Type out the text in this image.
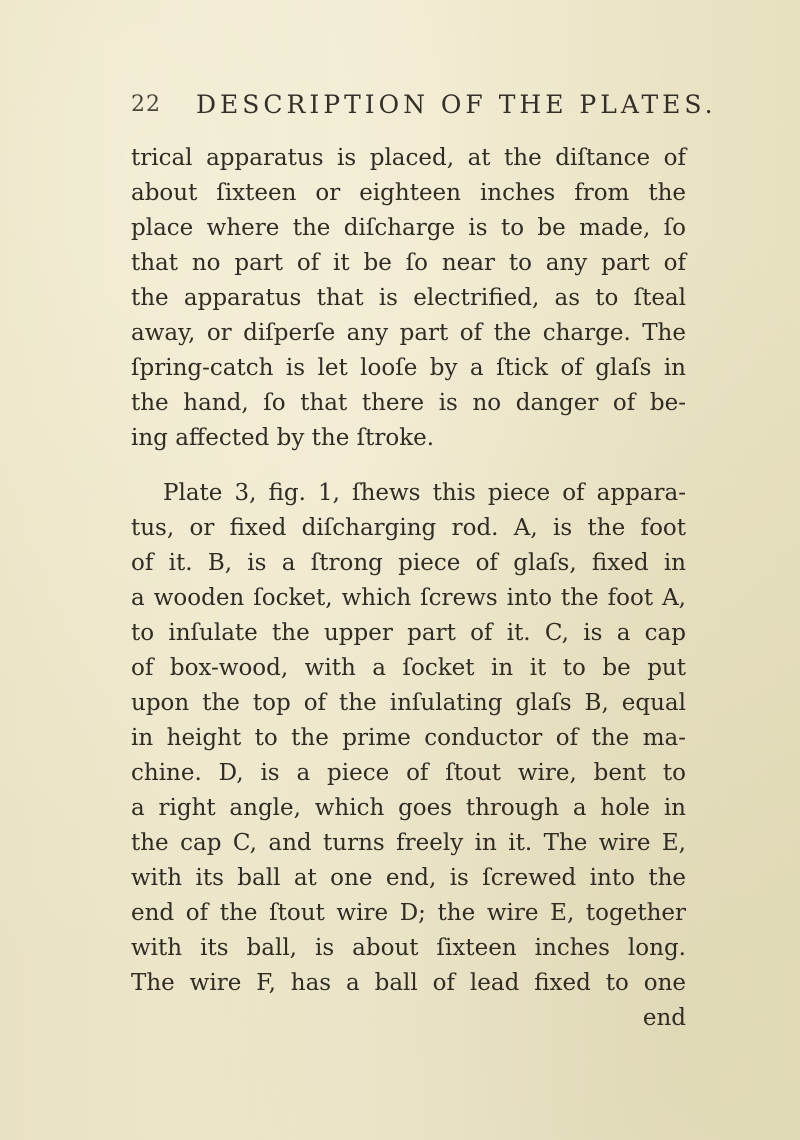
22 DESCRIPTION OF THE PLATES.
trical apparatus is placed, at the diſtance of
about ſixteen or eighteen inches from the
place where the diſcharge is to be made, ſo
that no part of it be ſo near to any part of
the apparatus that is electrified, as to ſteal
away, or diſperſe any part of the charge. The
ſpring-catch is let looſe by a ſtick of glaſs in
the hand, ſo that there is no danger of be-
ing affected by the ſtroke.
Plate 3, fig. 1, ſhews this piece of appara-
tus, or fixed diſcharging rod. A, is the foot
of it. B, is a ſtrong piece of glaſs, fixed in
a wooden ſocket, which ſcrews into the foot A,
to inſulate the upper part of it. C, is a cap
of box-wood, with a ſocket in it to be put
upon the top of the inſulating glaſs B, equal
in height to the prime conductor of the ma-
chine. D, is a piece of ſtout wire, bent to
a right angle, which goes through a hole in
the cap C, and turns freely in it. The wire E,
with its ball at one end, is ſcrewed into the
end of the ſtout wire D; the wire E, together
with its ball, is about ſixteen inches long.
The wire F, has a ball of lead fixed to one
end
